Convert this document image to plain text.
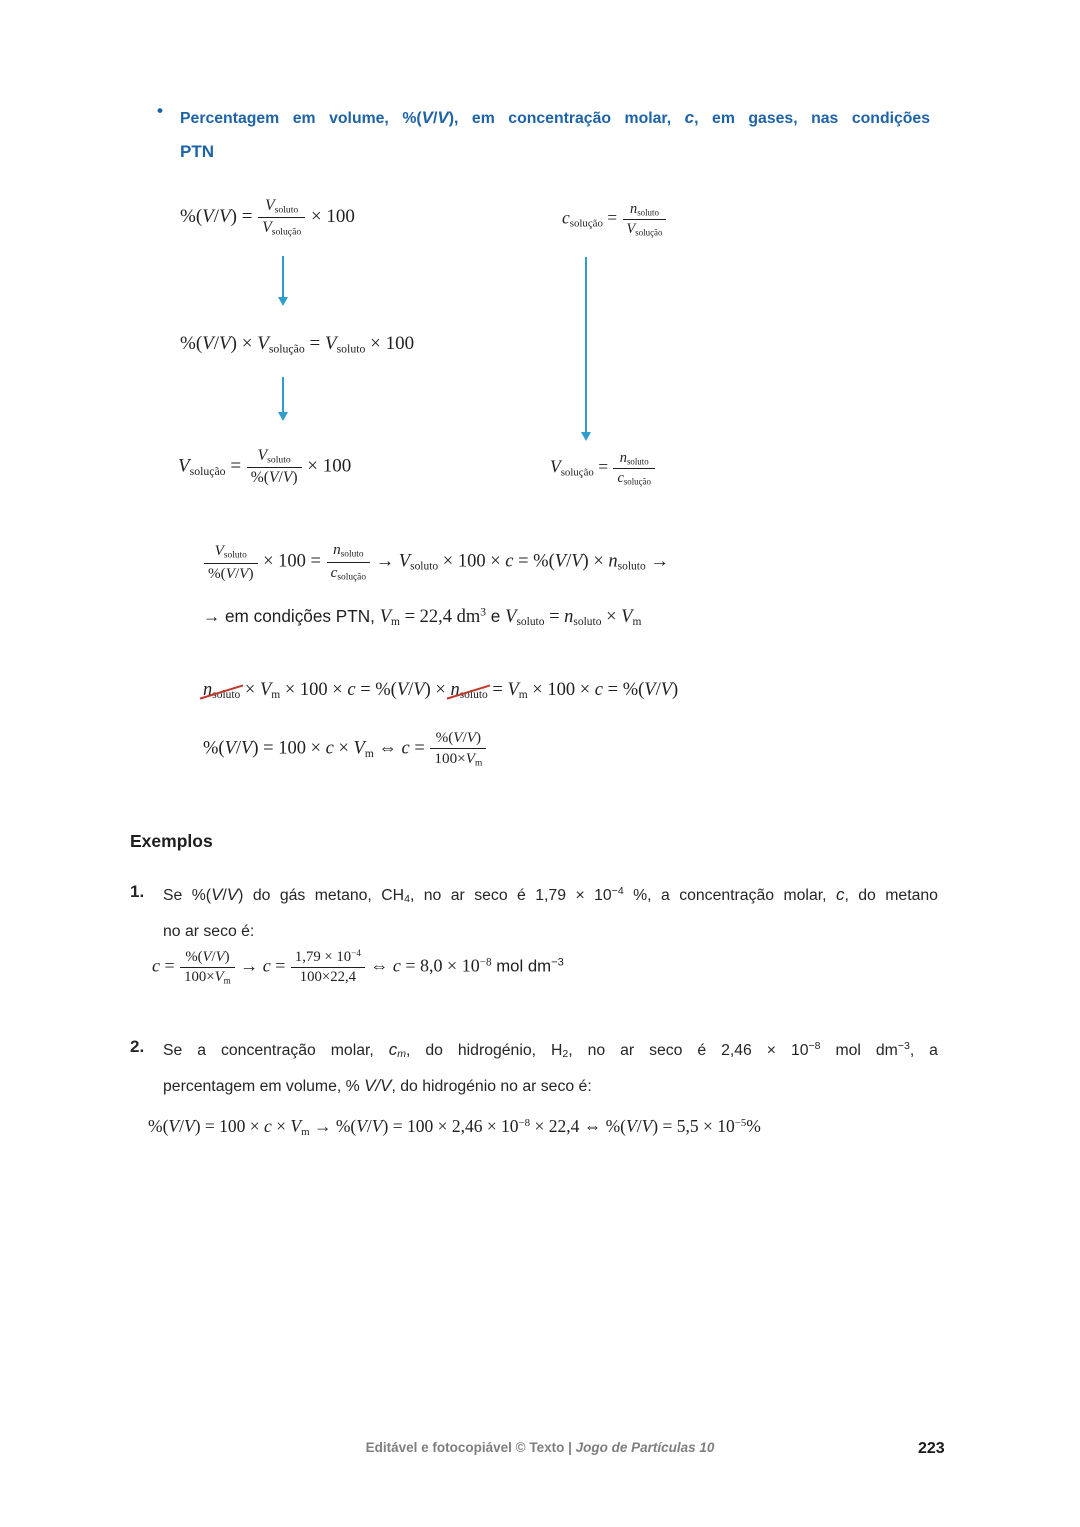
• Percentagem em volume, %(V/V), em concentração molar, c, em gases, nas condições
PTN
$\%(V/V) = \frac{\text{Vsoluto}}{\text{Vsolução}} \times 100$	csolução = $\frac{\text{nsoluto}}{\text{Vsolução}}$
%(V/V) × Vsolução = Vsoluto × 100
Vsolução = $\frac{\text{Vsoluto}}{\%(V/V)} \times 100$	Vsolução = $\frac{\text{nsoluto}}{\text{csolução}}$
$\frac{\text{Vsoluto}}{\%(V/V)} \times 100 = \frac{\text{nsoluto}}{\text{csolução}}$ → Vsoluto × 100 × c = %(V/V) × nsoluto →
→ em condições PTN, Vm = 22,4 $dm^3$ e Vsoluto = nsoluto × Vm
nsoluto × Vm × 100 × c = %(V/V) × nsoluto = Vm × 100 × c = %(V/V)
%(V/V) = 100 × c × Vm ⇔ $c = \frac{\%(V/V)}{100\times Vm}$
Exemplos
1.	Se %(V/V) do gás metano, CH4, no ar seco é $1,79 \times 10^{-4}$ %, a concentração molar, c, do metano
no ar seco é:
$c = \frac{\%(V/V)}{100\times Vm} \to c = \frac{1,79 \times 10^{-4}}{100\times 22,4}$ ⇔ $c = 8,0 \times 10^{-8}$ mol $dm^{-3}$
2.	Se a concentração molar, cm, do hidrogénio, H2, no ar seco é $2,46 \times 10^{-8}$ mol $dm^{-3}$, a
percentagem em volume, % V/V, do hidrogénio no ar seco é:
$\%(V/V) = 100 \times c \times Vm \to \%(V/V) = 100 \times 2,46 \times 10^{-8} \times 22,4$ ⇔ $\%(V/V) = 5,5 \times 10^{-5}\%$
Editável e fotocopiável © Texto | Jogo de Partículas 10	223
